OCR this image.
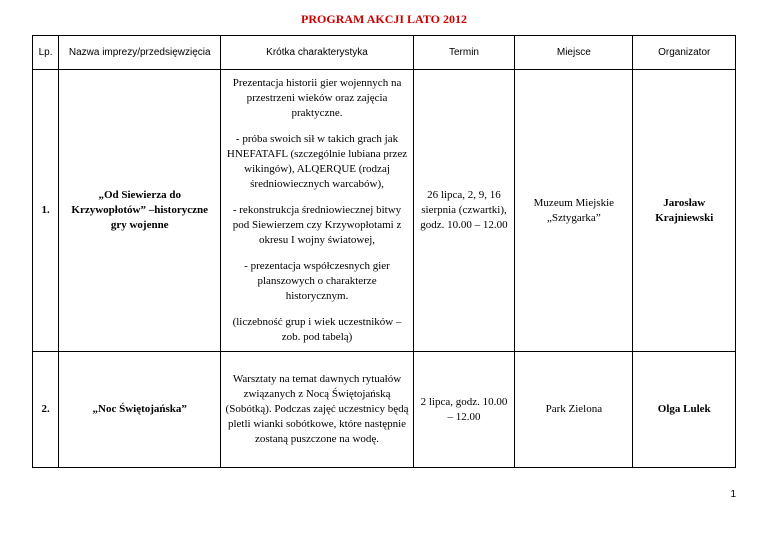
PROGRAM AKCJI LATO 2012
Lp.	Nazwa imprezy/przedsięwzięcia	Krótka charakterystyka	Termin	Miejsce	Organizator
1.	„Od Siewierza do Krzywopłotów” –historyczne gry wojenne	Prezentacja historii gier wojennych na przestrzeni wieków oraz zajęcia praktyczne.

- próba swoich sił w takich grach jak HNEFATAFL (szczególnie lubiana przez wikingów), ALQERQUE (rodzaj średniowiecznych warcabów),

- rekonstrukcja średniowiecznej bitwy pod Siewierzem czy Krzywopłotami z okresu I wojny światowej,

- prezentacja współczesnych gier planszowych o charakterze historycznym.

(liczebność grup i wiek uczestników – zob. pod tabelą)	26 lipca, 2, 9, 16 sierpnia (czwartki), godz. 10.00 – 12.00	Muzeum Miejskie „Sztygarka”	Jarosław Krajniewski
2.	„Noc Świętojańska”	Warsztaty na temat dawnych rytuałów związanych z Nocą Świętojańską (Sobótką). Podczas zajęć uczestnicy będą pletli wianki sobótkowe, które następnie zostaną puszczone na wodę.	2 lipca, godz. 10.00 – 12.00	Park Zielona	Olga Lulek
1
